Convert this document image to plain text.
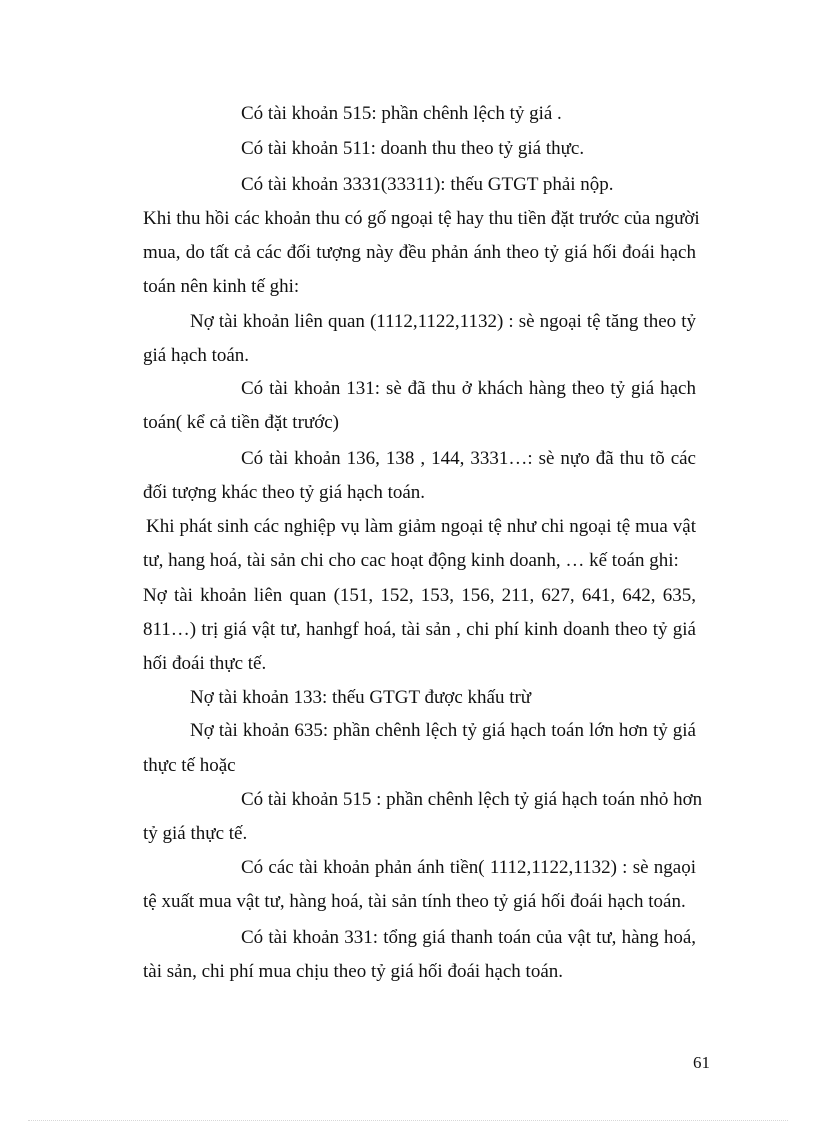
Có tài khoản 515: phần chênh lệch tỷ giá .

Có tài khoản 511: doanh thu theo tỷ giá thực.

Có tài khoản 3331(33311): thếu GTGT phải nộp.

Khi thu hồi các khoản thu có gố ngoại tệ hay thu tiền đặt trước của người

mua, do tất cả các đối tượng này đều phản ánh theo tỷ giá hối đoái hạch

toán nên kinh tế ghi:

Nợ tài khoản liên quan (1112,1122,1132) : sè ngoại tệ tăng theo tỷ

giá hạch toán.

Có tài khoản 131: sè đã thu ở khách hàng theo tỷ giá hạch

toán( kể cả tiền đặt trước)

Có tài khoản 136, 138 , 144, 3331…: sè nựo đã thu tõ các

đối tượng khác theo tỷ giá hạch toán.

Khi phát sinh các nghiệp vụ làm giảm ngoại tệ như chi ngoại tệ mua vật

tư, hang hoá, tài sản chi cho cac hoạt động kinh doanh, … kế toán ghi:

Nợ tài khoản liên quan (151, 152, 153, 156, 211, 627, 641, 642, 635,

811…) trị giá vật tư, hanhgf hoá, tài sản , chi phí kinh doanh theo tỷ giá

hối đoái thực tế.

Nợ tài khoản 133: thếu GTGT được khấu trừ

Nợ tài khoản 635: phần chênh lệch tỷ giá hạch toán lớn hơn tỷ giá

thực tế hoặc

Có tài khoản 515 : phần chênh lệch tỷ giá hạch toán nhỏ hơn

tỷ giá thực tế.

Có các tài khoản phản ánh tiền( 1112,1122,1132) : sè ngaọi

tệ xuất mua vật tư, hàng hoá, tài sản tính theo tỷ giá hối đoái hạch toán.

Có tài khoản 331: tổng giá thanh toán của vật tư, hàng hoá,

tài sản, chi phí mua chịu theo tỷ giá hối đoái hạch toán.

61
